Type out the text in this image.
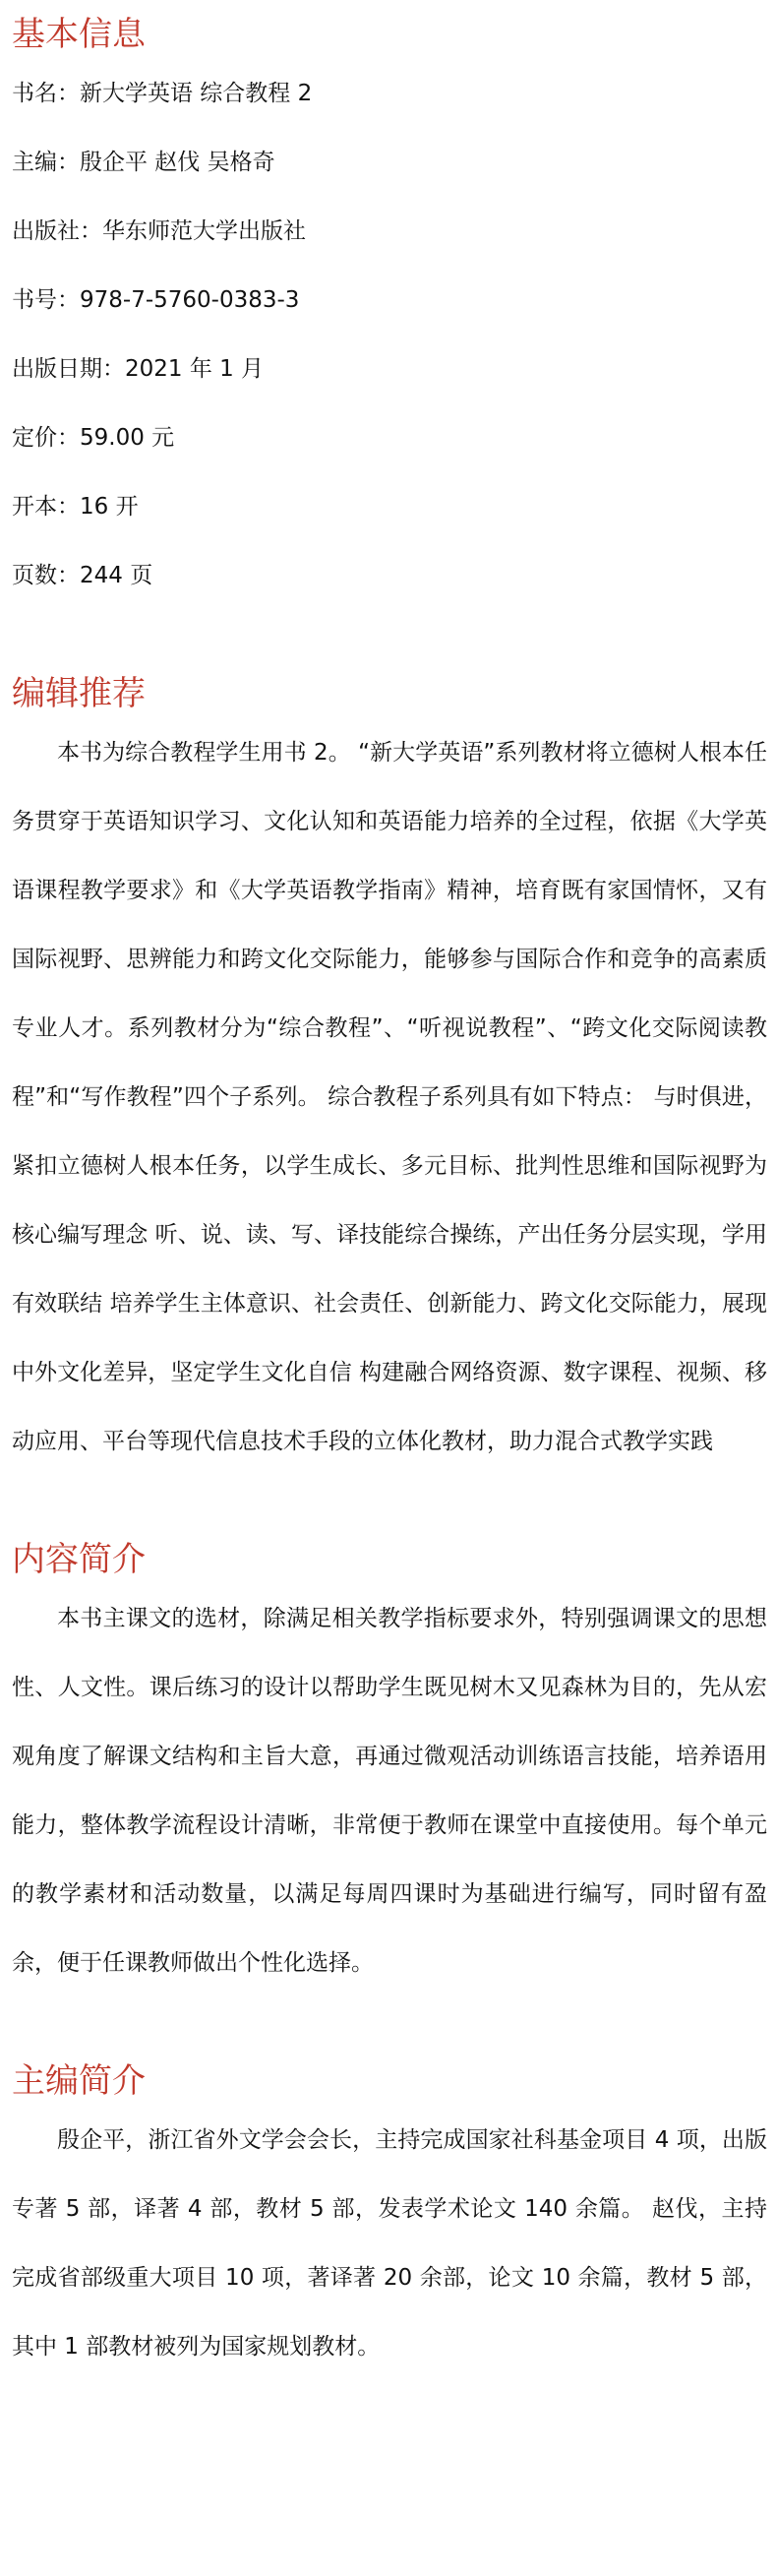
基本信息

书名：新大学英语 综合教程 2

主编：殷企平 赵伐 吴格奇

出版社：华东师范大学出版社

书号：978-7-5760-0383-3

出版日期：2021 年 1 月

定价：59.00 元

开本：16 开

页数：244 页

编辑推荐

本书为综合教程学生用书 2。 “新大学英语”系列教材将立德树人根本任务贯穿于英语知识学习、文化认知和英语能力培养的全过程，依据《大学英语课程教学要求》和《大学英语教学指南》精神，培育既有家国情怀，又有国际视野、思辨能力和跨文化交际能力，能够参与国际合作和竞争的高素质专业人才。系列教材分为“综合教程”、“听视说教程”、“跨文化交际阅读教程”和“写作教程”四个子系列。 综合教程子系列具有如下特点： 与时俱进，紧扣立德树人根本任务，以学生成长、多元目标、批判性思维和国际视野为核心编写理念 听、说、读、写、译技能综合操练，产出任务分层实现，学用有效联结 培养学生主体意识、社会责任、创新能力、跨文化交际能力，展现中外文化差异，坚定学生文化自信 构建融合网络资源、数字课程、视频、移动应用、平台等现代信息技术手段的立体化教材，助力混合式教学实践

内容简介

本书主课文的选材，除满足相关教学指标要求外，特别强调课文的思想性、人文性。课后练习的设计以帮助学生既见树木又见森林为目的，先从宏观角度了解课文结构和主旨大意，再通过微观活动训练语言技能，培养语用能力，整体教学流程设计清晰，非常便于教师在课堂中直接使用。每个单元的教学素材和活动数量，以满足每周四课时为基础进行编写，同时留有盈余，便于任课教师做出个性化选择。

主编简介

殷企平，浙江省外文学会会长，主持完成国家社科基金项目 4 项，出版专著 5 部，译著 4 部，教材 5 部，发表学术论文 140 余篇。 赵伐，主持完成省部级重大项目 10 项，著译著 20 余部，论文 10 余篇，教材 5 部，其中 1 部教材被列为国家规划教材。
